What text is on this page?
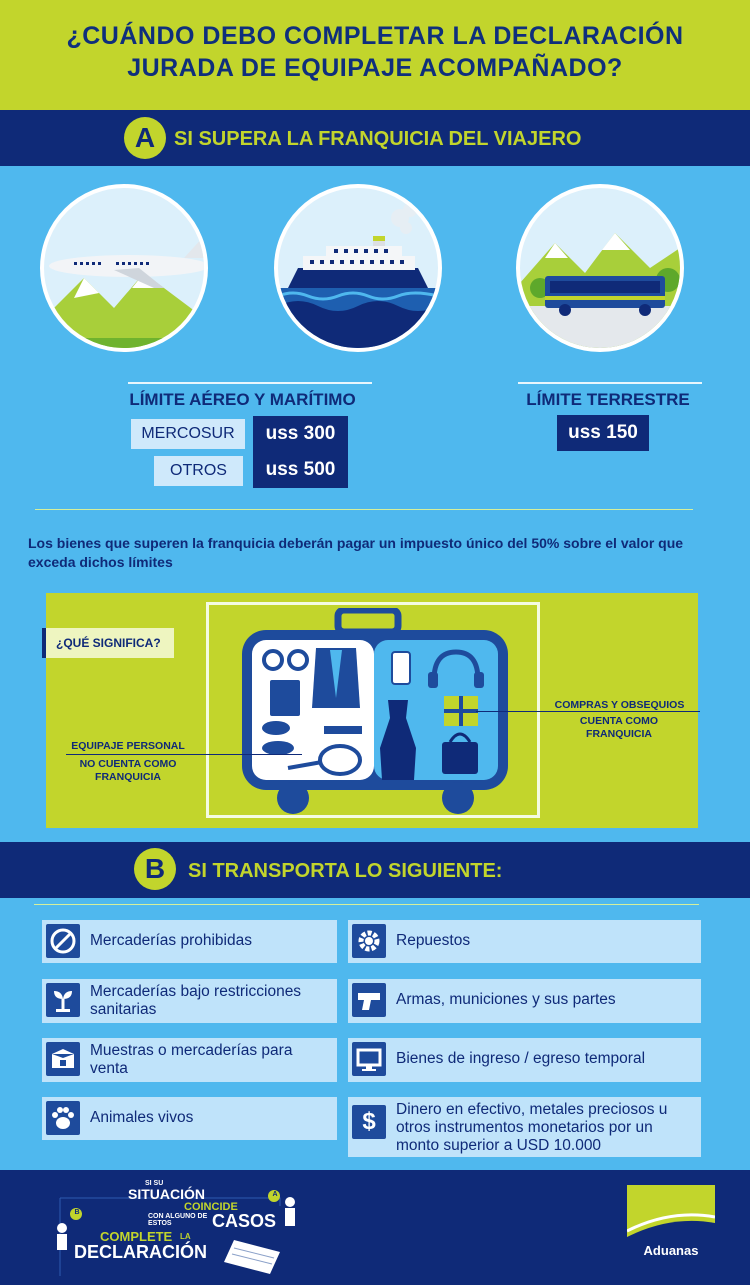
¿CUÁNDO DEBO COMPLETAR LA DECLARACIÓN
JURADA DE EQUIPAJE ACOMPAÑADO?
A SI SUPERA LA FRANQUICIA DEL VIAJERO
LÍMITE AÉREO Y MARÍTIMO
MERCOSUR	uss 300
OTROS	uss 500
LÍMITE TERRESTRE
uss 150
Los bienes que superen la franquicia deberán pagar un impuesto único del 50% sobre el valor que exceda dichos límites
¿QUÉ SIGNIFICA?
EQUIPAJE PERSONAL
NO CUENTA COMO FRANQUICIA
COMPRAS Y OBSEQUIOS
CUENTA COMO FRANQUICIA
B	SI TRANSPORTA LO SIGUIENTE:
Mercaderías prohibidas
Mercaderías bajo restricciones sanitarias
Muestras o mercaderías para venta
Animales vivos
Repuestos
Armas, municiones y sus partes
Bienes de ingreso / egreso temporal
$	Dinero en efectivo, metales preciosos u otros instrumentos monetarios por un monto superior a USD 10.000
SI SU
SITUACIÓN
COINCIDE
CON ALGUNO DE ESTOS	CASOS
COMPLETE LA
DECLARACIÓN
A
B
Aduanas
